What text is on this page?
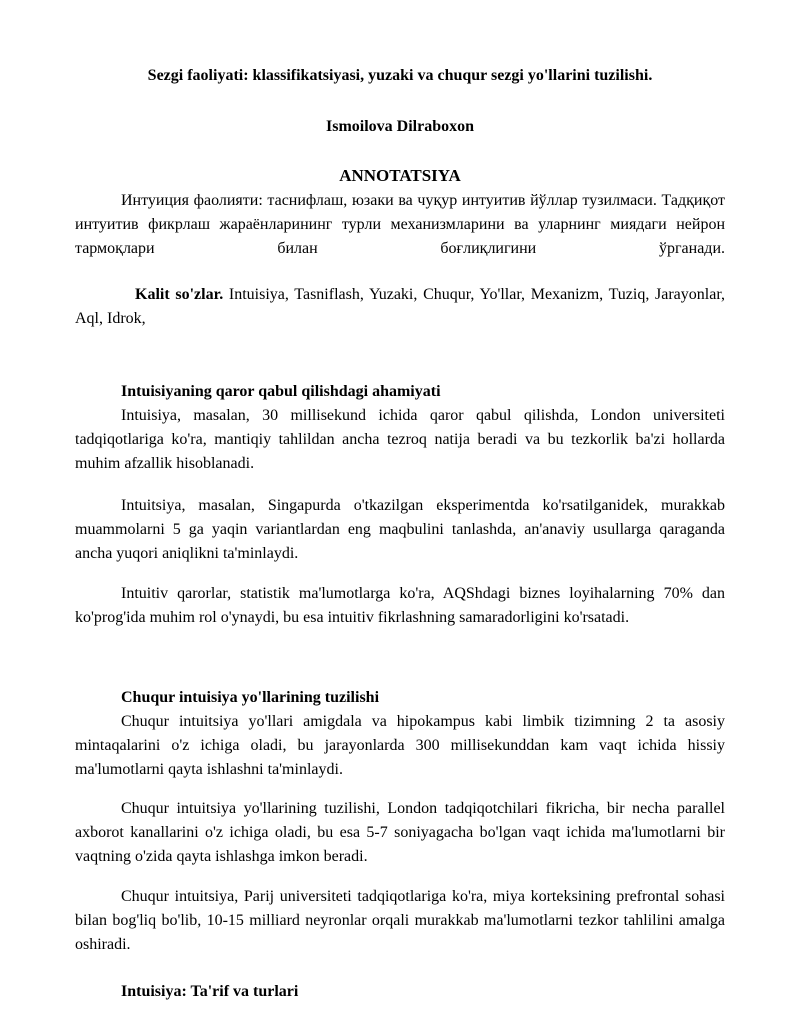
Sezgi faoliyati: klassifikatsiyasi, yuzaki va chuqur sezgi yo'llarini tuzilishi.
Ismoilova Dilraboxon
ANNOTATSIYA

Интуиция фаолияти: таснифлаш, юзаки ва чуқур интуитив йўллар тузилмаси. Тадқиқот интуитив фикрлаш жараёнларининг турли механизмларини ва уларнинг миядаги нейрон тармоқлари билан боғлиқлигини ўрганади.

Kalit so'zlar. Intuisiya, Tasniflash, Yuzaki, Chuqur, Yo'llar, Mexanizm, Tuziq, Jarayonlar, Aql, Idrok,

Intuisiyaning qaror qabul qilishdagi ahamiyati

Intuisiya, masalan, 30 millisekund ichida qaror qabul qilishda, London universiteti tadqiqotlariga ko'ra, mantiqiy tahlildan ancha tezroq natija beradi va bu tezkorlik ba'zi hollarda muhim afzallik hisoblanadi.

Intuitsiya, masalan, Singapurda o'tkazilgan eksperimentda ko'rsatilganidek, murakkab muammolarni 5 ga yaqin variantlardan eng maqbulini tanlashda, an'anaviy usullarga qaraganda ancha yuqori aniqlikni ta'minlaydi.

Intuitiv qarorlar, statistik ma'lumotlarga ko'ra, AQShdagi biznes loyihalarning 70% dan ko'prog'ida muhim rol o'ynaydi, bu esa intuitiv fikrlashning samaradorligini ko'rsatadi.

Chuqur intuisiya yo'llarining tuzilishi

Chuqur intuitsiya yo'llari amigdala va hipokampus kabi limbik tizimning 2 ta asosiy mintaqalarini o'z ichiga oladi, bu jarayonlarda 300 millisekunddan kam vaqt ichida hissiy ma'lumotlarni qayta ishlashni ta'minlaydi.

Chuqur intuitsiya yo'llarining tuzilishi, London tadqiqotchilari fikricha, bir necha parallel axborot kanallarini o'z ichiga oladi, bu esa 5-7 soniyagacha bo'lgan vaqt ichida ma'lumotlarni bir vaqtning o'zida qayta ishlashga imkon beradi.

Chuqur intuitsiya, Parij universiteti tadqiqotlariga ko'ra, miya korteksining prefrontal sohasi bilan bog'liq bo'lib, 10-15 milliard neyronlar orqali murakkab ma'lumotlarni tezkor tahlilini amalga oshiradi.

Intuisiya: Ta'rif va turlari
